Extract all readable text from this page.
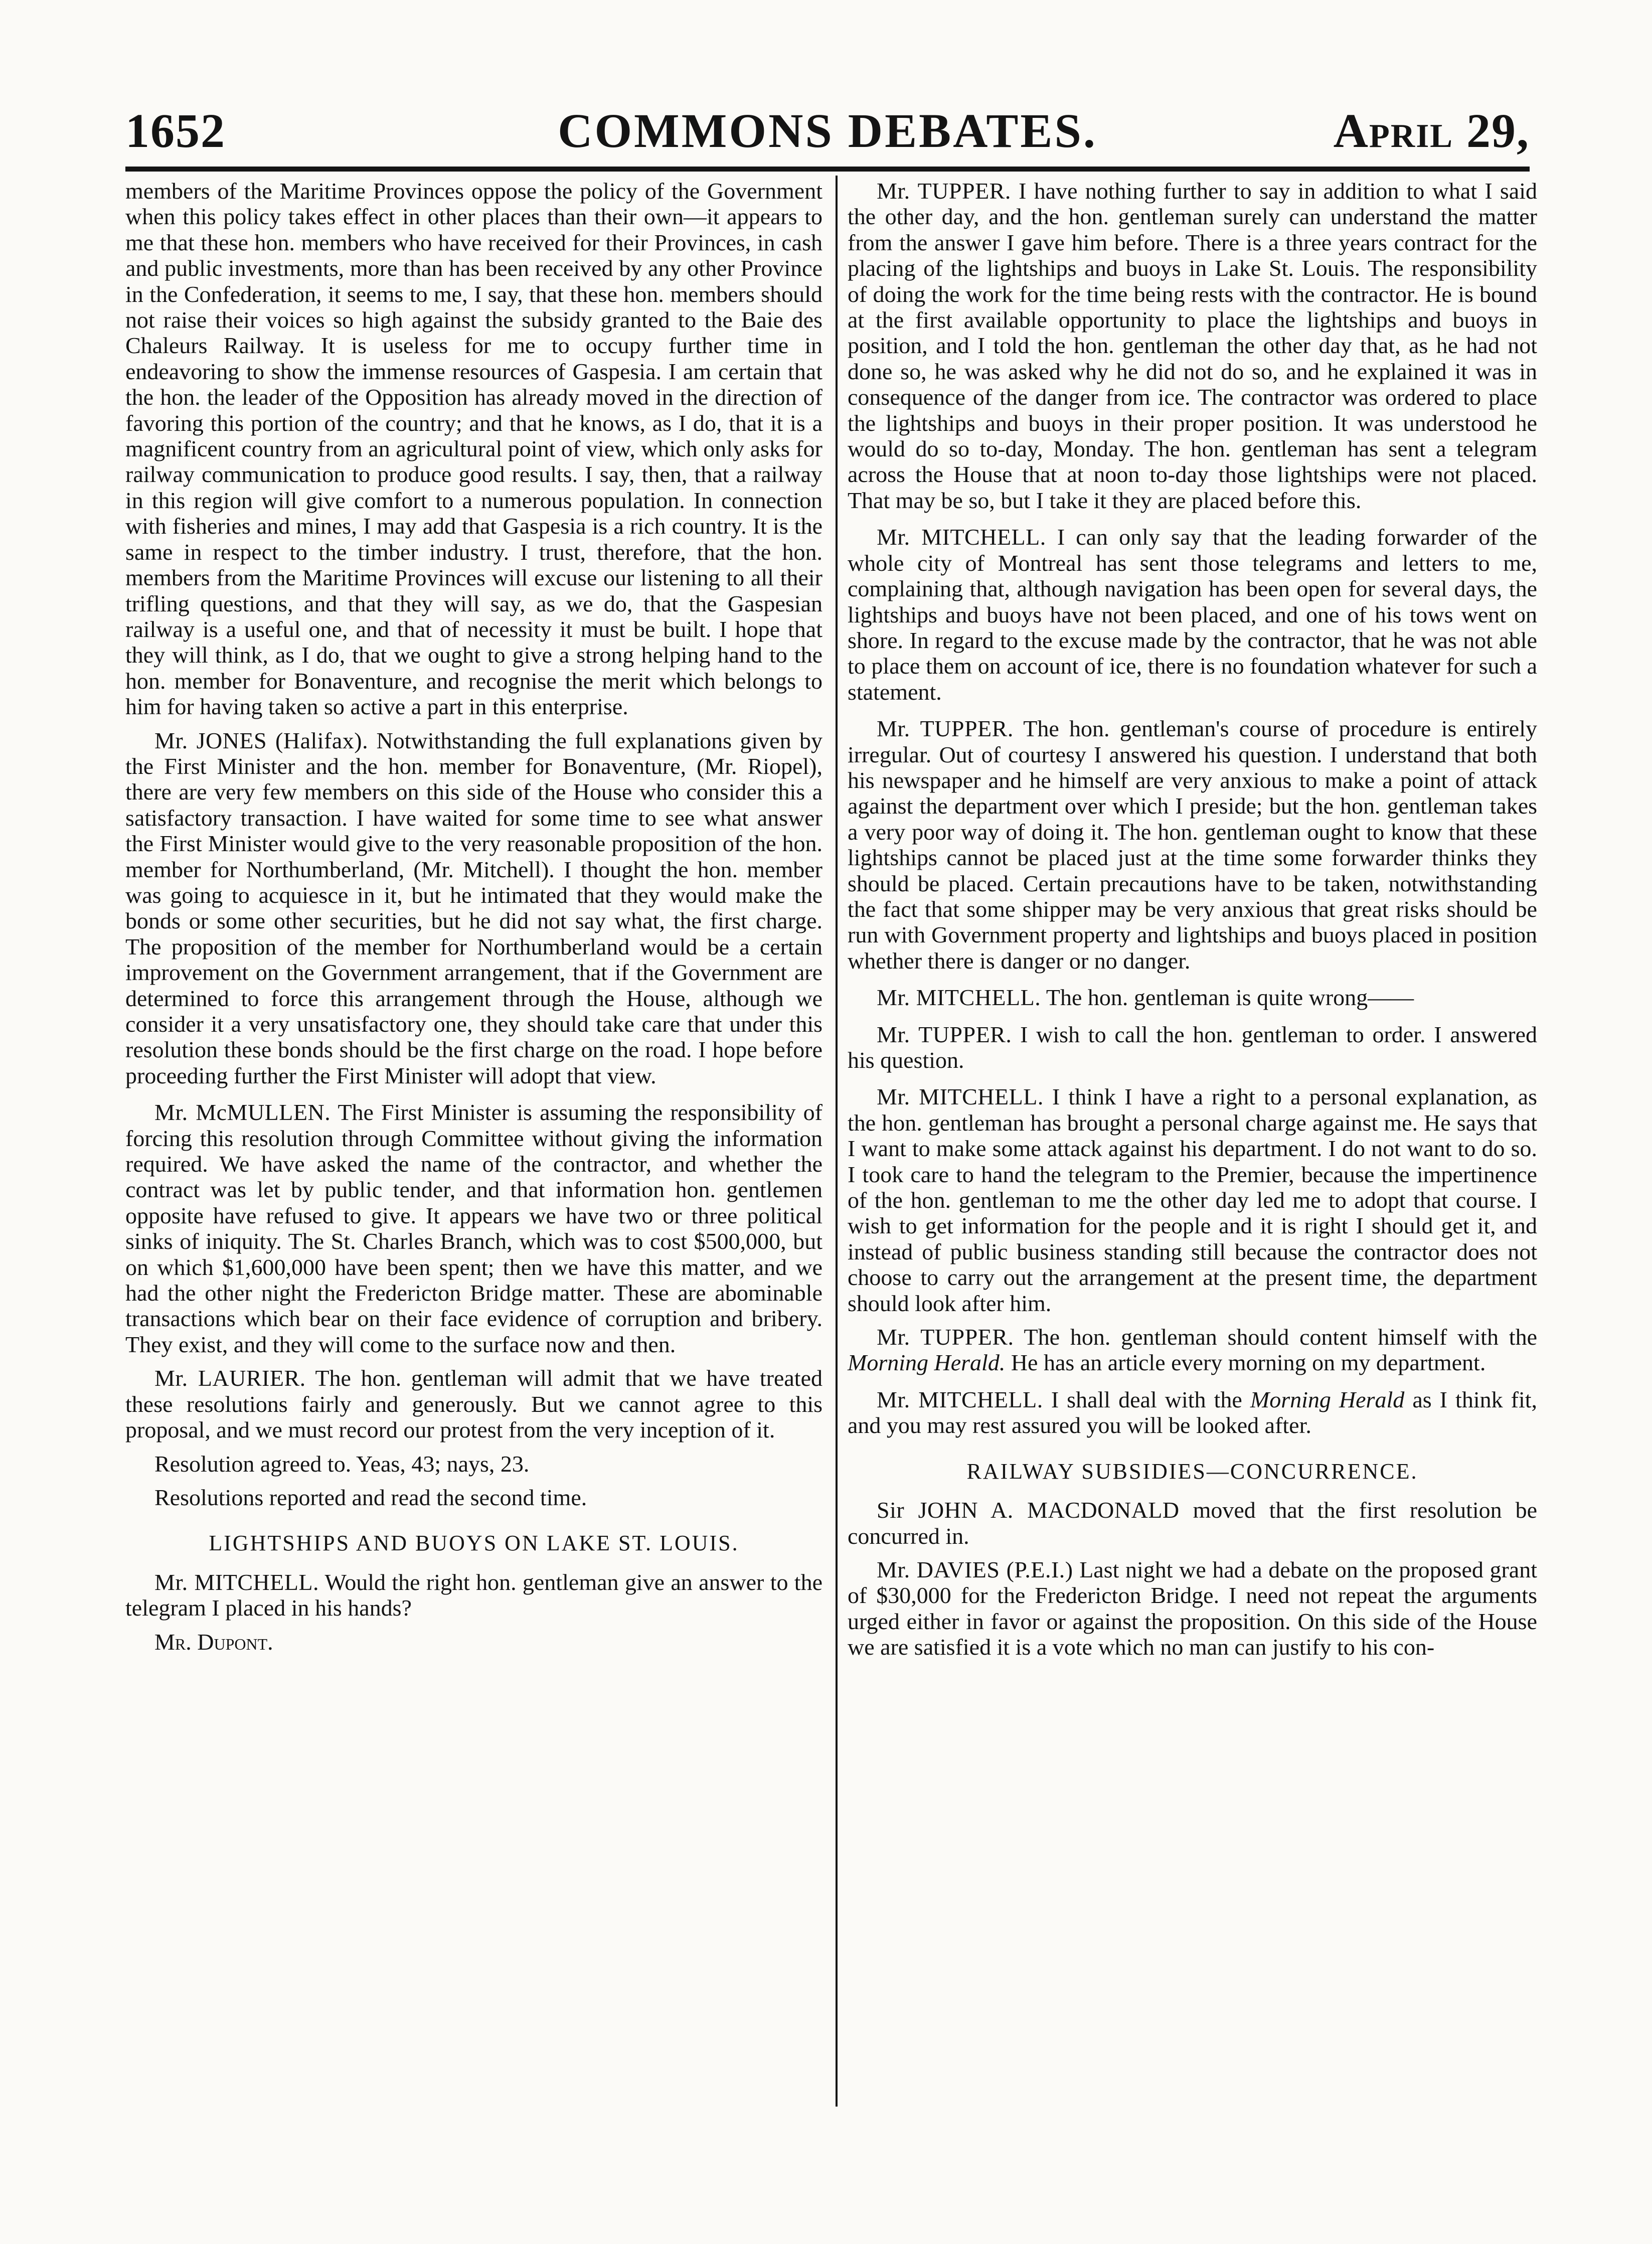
1652	COMMONS DEBATES.	April 29,

members of the Maritime Provinces oppose the policy of the Government when this policy takes effect in other places than their own—it appears to me that these hon. members who have received for their Provinces, in cash and public investments, more than has been received by any other Province in the Confederation, it seems to me, I say, that these hon. members should not raise their voices so high against the subsidy granted to the Baie des Chaleurs Railway. It is useless for me to occupy further time in endeavoring to show the immense resources of Gaspesia. I am certain that the hon. the leader of the Opposition has already moved in the direction of favoring this portion of the country; and that he knows, as I do, that it is a magnificent country from an agricultural point of view, which only asks for railway communication to produce good results. I say, then, that a railway in this region will give comfort to a numerous population. In connection with fisheries and mines, I may add that Gaspesia is a rich country. It is the same in respect to the timber industry. I trust, therefore, that the hon. members from the Maritime Provinces will excuse our listening to all their trifling questions, and that they will say, as we do, that the Gaspesian railway is a useful one, and that of necessity it must be built. I hope that they will think, as I do, that we ought to give a strong helping hand to the hon. member for Bonaventure, and recognise the merit which belongs to him for having taken so active a part in this enterprise.

Mr. JONES (Halifax). Notwithstanding the full explanations given by the First Minister and the hon. member for Bonaventure, (Mr. Riopel), there are very few members on this side of the House who consider this a satisfactory transaction. I have waited for some time to see what answer the First Minister would give to the very reasonable proposition of the hon. member for Northumberland, (Mr. Mitchell). I thought the hon. member was going to acquiesce in it, but he intimated that they would make the bonds or some other securities, but he did not say what, the first charge. The proposition of the member for Northumberland would be a certain improvement on the Government arrangement, that if the Government are determined to force this arrangement through the House, although we consider it a very unsatisfactory one, they should take care that under this resolution these bonds should be the first charge on the road. I hope before proceeding further the First Minister will adopt that view.

Mr. McMULLEN. The First Minister is assuming the responsibility of forcing this resolution through Committee without giving the information required. We have asked the name of the contractor, and whether the contract was let by public tender, and that information hon. gentlemen opposite have refused to give. It appears we have two or three political sinks of iniquity. The St. Charles Branch, which was to cost $500,000, but on which $1,600,000 have been spent; then we have this matter, and we had the other night the Fredericton Bridge matter. These are abominable transactions which bear on their face evidence of corruption and bribery. They exist, and they will come to the surface now and then.

Mr. LAURIER. The hon. gentleman will admit that we have treated these resolutions fairly and generously. But we cannot agree to this proposal, and we must record our protest from the very inception of it.

Resolution agreed to. Yeas, 43; nays, 23.

Resolutions reported and read the second time.

LIGHTSHIPS AND BUOYS ON LAKE ST. LOUIS.

Mr. MITCHELL. Would the right hon. gentleman give an answer to the telegram I placed in his hands?

Mr. Dupont.

Mr. TUPPER. I have nothing further to say in addition to what I said the other day, and the hon. gentleman surely can understand the matter from the answer I gave him before. There is a three years contract for the placing of the lightships and buoys in Lake St. Louis. The responsibility of doing the work for the time being rests with the contractor. He is bound at the first available opportunity to place the lightships and buoys in position, and I told the hon. gentleman the other day that, as he had not done so, he was asked why he did not do so, and he explained it was in consequence of the danger from ice. The contractor was ordered to place the lightships and buoys in their proper position. It was understood he would do so to-day, Monday. The hon. gentleman has sent a telegram across the House that at noon to-day those lightships were not placed. That may be so, but I take it they are placed before this.

Mr. MITCHELL. I can only say that the leading forwarder of the whole city of Montreal has sent those telegrams and letters to me, complaining that, although navigation has been open for several days, the lightships and buoys have not been placed, and one of his tows went on shore. In regard to the excuse made by the contractor, that he was not able to place them on account of ice, there is no foundation whatever for such a statement.

Mr. TUPPER. The hon. gentleman's course of procedure is entirely irregular. Out of courtesy I answered his question. I understand that both his newspaper and he himself are very anxious to make a point of attack against the department over which I preside; but the hon. gentleman takes a very poor way of doing it. The hon. gentleman ought to know that these lightships cannot be placed just at the time some forwarder thinks they should be placed. Certain precautions have to be taken, notwithstanding the fact that some shipper may be very anxious that great risks should be run with Government property and lightships and buoys placed in position whether there is danger or no danger.

Mr. MITCHELL. The hon. gentleman is quite wrong——

Mr. TUPPER. I wish to call the hon. gentleman to order. I answered his question.

Mr. MITCHELL. I think I have a right to a personal explanation, as the hon. gentleman has brought a personal charge against me. He says that I want to make some attack against his department. I do not want to do so. I took care to hand the telegram to the Premier, because the impertinence of the hon. gentleman to me the other day led me to adopt that course. I wish to get information for the people and it is right I should get it, and instead of public business standing still because the contractor does not choose to carry out the arrangement at the present time, the department should look after him.

Mr. TUPPER. The hon. gentleman should content himself with the Morning Herald. He has an article every morning on my department.

Mr. MITCHELL. I shall deal with the Morning Herald as I think fit, and you may rest assured you will be looked after.

RAILWAY SUBSIDIES—CONCURRENCE.

Sir JOHN A. MACDONALD moved that the first resolution be concurred in.

Mr. DAVIES (P.E.I.) Last night we had a debate on the proposed grant of $30,000 for the Fredericton Bridge. I need not repeat the arguments urged either in favor or against the proposition. On this side of the House we are satisfied it is a vote which no man can justify to his con-
